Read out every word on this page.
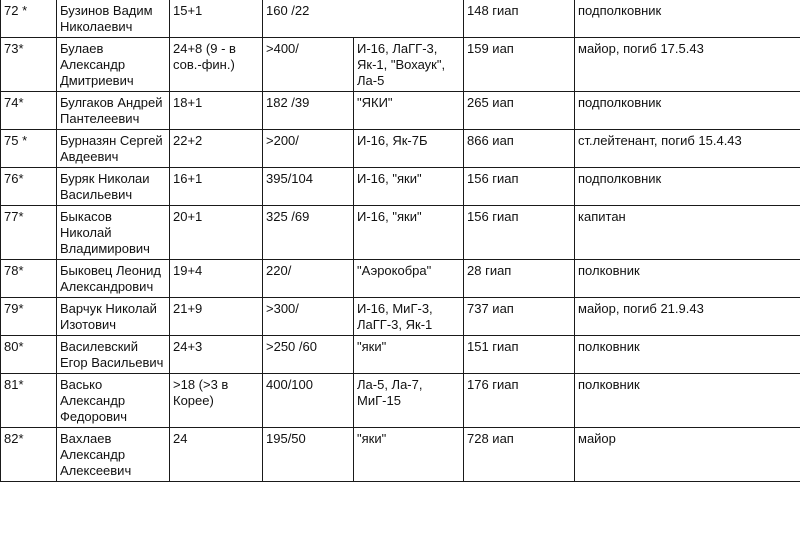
72 *	Бузинов Вадим Николаевич	15+1	160 /22		148 гиап	подполковник
73*	Булаев Александр Дмитриевич	24+8 (9 - в сов.-фин.)	>400/	И-16, ЛаГГ-3, Як-1, "Вохаук", Ла-5	159 иап	майор, погиб 17.5.43
74*	Булгаков Андрей Пантелеевич	18+1	182 /39	"ЯКИ"	265 иап	подполковник
75 *	Бурназян Сергей Авдеевич	22+2	>200/	И-16, Як-7Б	866 иап	ст.лейтенант, погиб 15.4.43
76*	Буряк Николаи Васильевич	16+1	395/104	И-16, "яки"	156 гиап	подполковник
77*	Быкасов Николай Владимирович	20+1	325 /69	И-16, "яки"	156 гиап	капитан
78*	Быковец Леонид Александрович	19+4	220/	"Аэрокобра"	28 гиап	полковник
79*	Варчук Николай Изотович	21+9	>300/	И-16, МиГ-3, ЛаГГ-3, Як-1	737 иап	майор, погиб 21.9.43
80*	Василевский Егор Васильевич	24+3	>250 /60	"яки"	151 гиап	полковник
81*	Васько Александр Федорович	>18 (>3 в Корее)	400/100	Ла-5, Ла-7, МиГ-15	176 гиап	полковник
82*	Вахлаев Александр Алексеевич	24	195/50	"яки"	728 иап	майор
